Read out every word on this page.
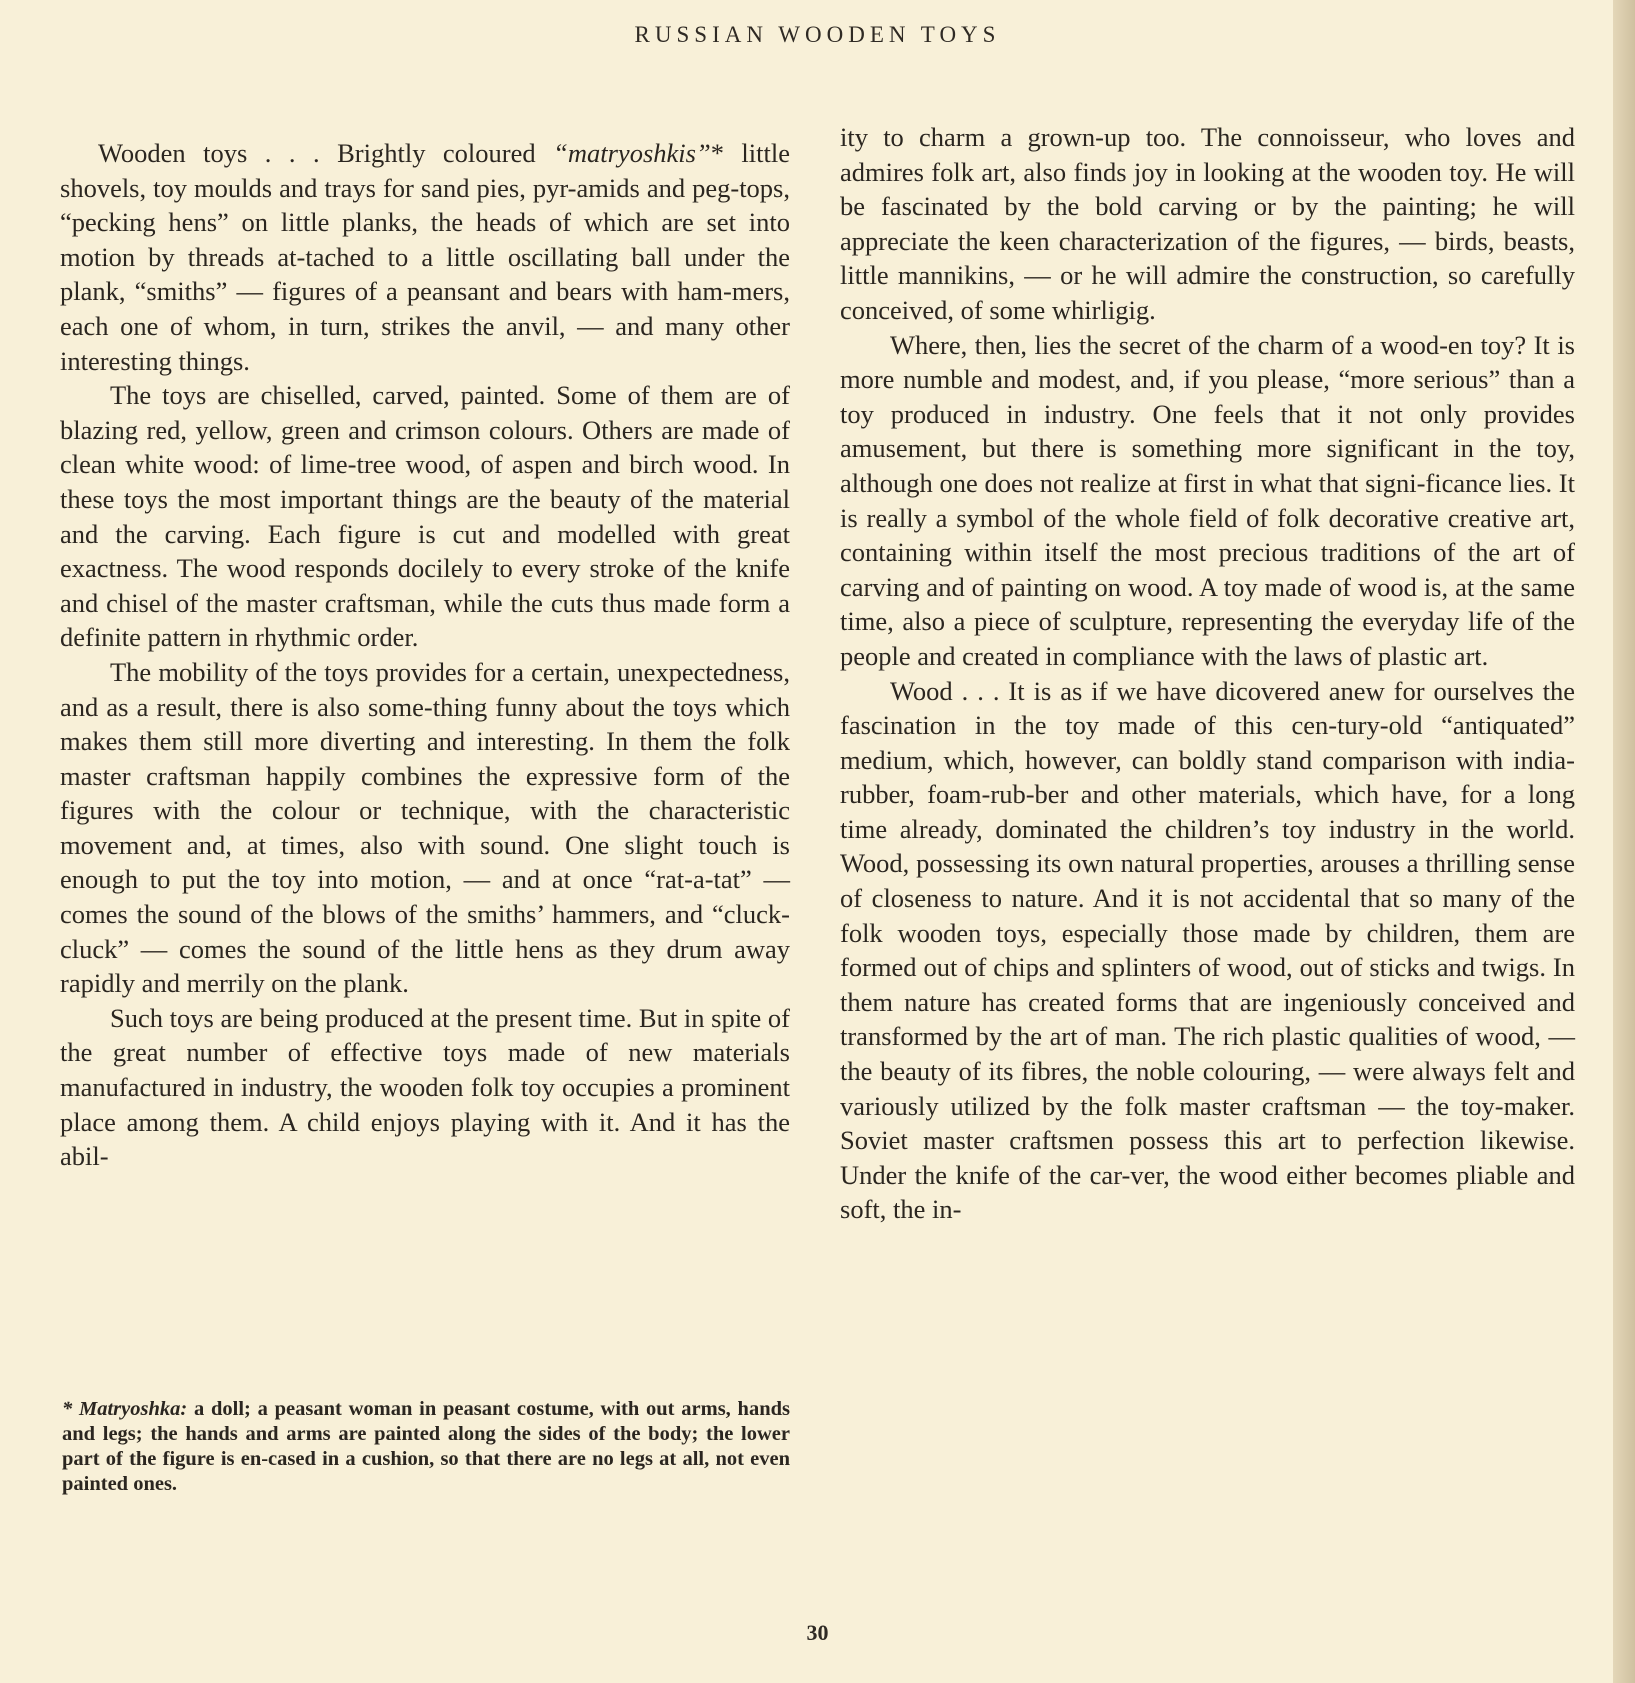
RUSSIAN WOODEN TOYS

Wooden toys . . . Brightly coloured “matryoshkis”* little shovels, toy moulds and trays for sand pies, pyr-amids and peg-tops, “pecking hens” on little planks, the heads of which are set into motion by threads at-tached to a little oscillating ball under the plank, “smiths” — figures of a peansant and bears with ham-mers, each one of whom, in turn, strikes the anvil, — and many other interesting things.

The toys are chiselled, carved, painted. Some of them are of blazing red, yellow, green and crimson colours. Others are made of clean white wood: of lime-tree wood, of aspen and birch wood. In these toys the most important things are the beauty of the material and the carving. Each figure is cut and modelled with great exactness. The wood responds docilely to every stroke of the knife and chisel of the master craftsman, while the cuts thus made form a definite pattern in rhythmic order.

The mobility of the toys provides for a certain, unexpectedness, and as a result, there is also some-thing funny about the toys which makes them still more diverting and interesting. In them the folk master craftsman happily combines the expressive form of the figures with the colour or technique, with the characteristic movement and, at times, also with sound. One slight touch is enough to put the toy into motion, — and at once “rat-a-tat” — comes the sound of the blows of the smiths’ hammers, and “cluck-cluck” — comes the sound of the little hens as they drum away rapidly and merrily on the plank.

Such toys are being produced at the present time. But in spite of the great number of effective toys made of new materials manufactured in industry, the wooden folk toy occupies a prominent place among them. A child enjoys playing with it. And it has the abil-

* Matryoshka: a doll; a peasant woman in peasant costume, with out arms, hands and legs; the hands and arms are painted along the sides of the body; the lower part of the figure is en-cased in a cushion, so that there are no legs at all, not even painted ones.

ity to charm a grown-up too. The connoisseur, who loves and admires folk art, also finds joy in looking at the wooden toy. He will be fascinated by the bold carving or by the painting; he will appreciate the keen characterization of the figures, — birds, beasts, little mannikins, — or he will admire the construction, so carefully conceived, of some whirligig.

Where, then, lies the secret of the charm of a wood-en toy? It is more numble and modest, and, if you please, “more serious” than a toy produced in industry. One feels that it not only provides amusement, but there is something more significant in the toy, although one does not realize at first in what that signi-ficance lies. It is really a symbol of the whole field of folk decorative creative art, containing within itself the most precious traditions of the art of carving and of painting on wood. A toy made of wood is, at the same time, also a piece of sculpture, representing the everyday life of the people and created in compliance with the laws of plastic art.

Wood . . . It is as if we have dicovered anew for ourselves the fascination in the toy made of this cen-tury-old “antiquated” medium, which, however, can boldly stand comparison with india-rubber, foam-rub-ber and other materials, which have, for a long time already, dominated the children’s toy industry in the world. Wood, possessing its own natural properties, arouses a thrilling sense of closeness to nature. And it is not accidental that so many of the folk wooden toys, especially those made by children, them are formed out of chips and splinters of wood, out of sticks and twigs. In them nature has created forms that are ingeniously conceived and transformed by the art of man. The rich plastic qualities of wood, — the beauty of its fibres, the noble colouring, — were always felt and variously utilized by the folk master craftsman — the toy-maker. Soviet master craftsmen possess this art to perfection likewise. Under the knife of the car-ver, the wood either becomes pliable and soft, the in-

30
